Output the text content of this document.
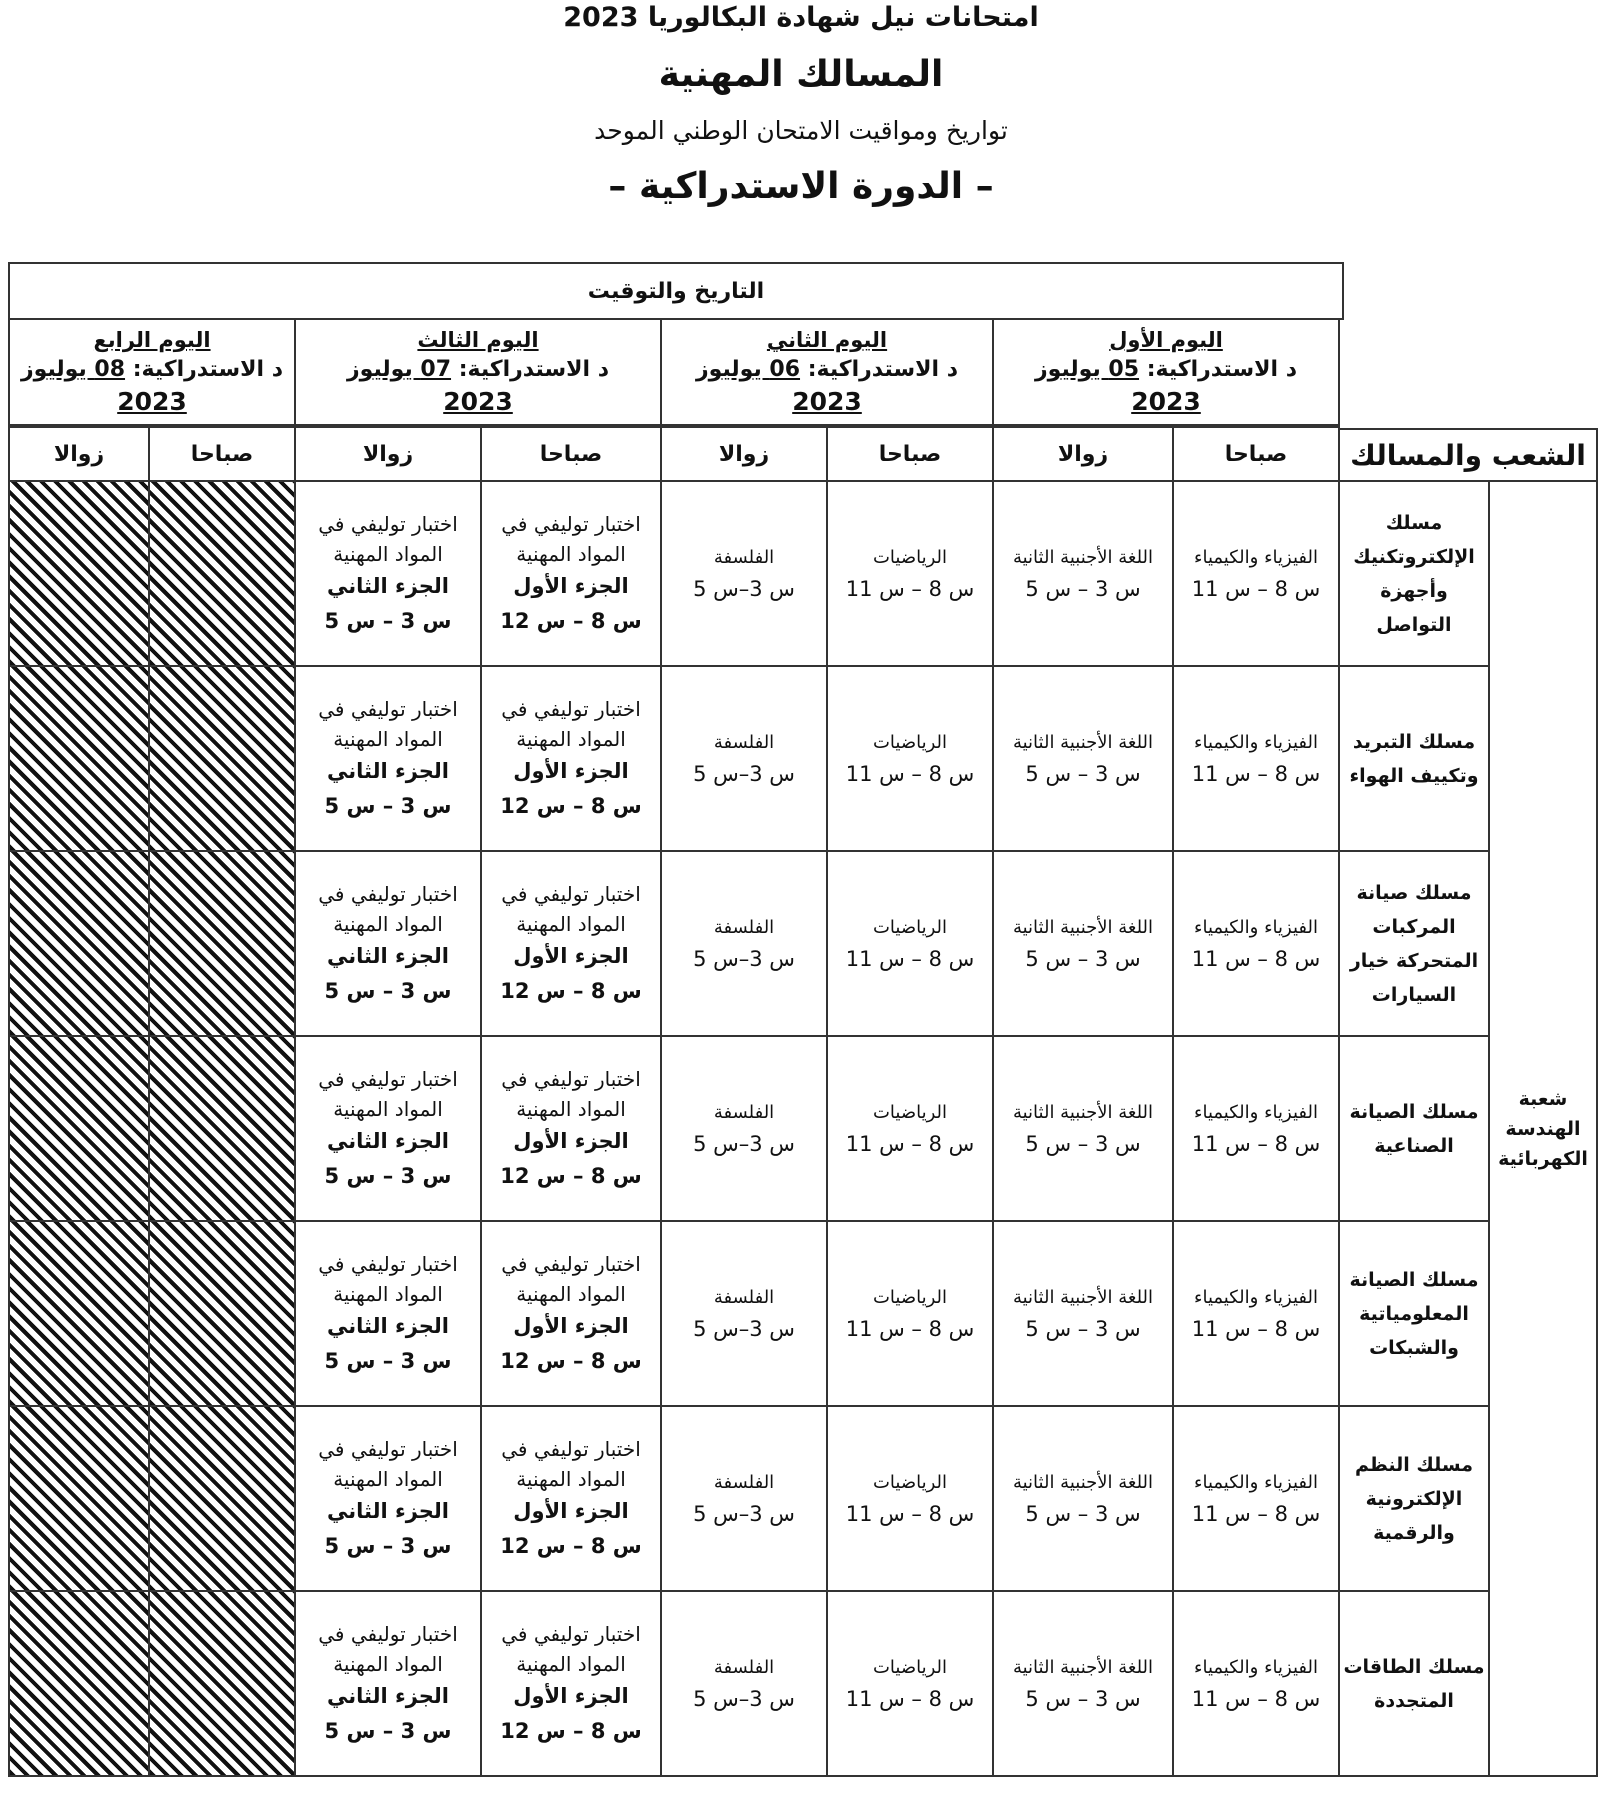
امتحانات نيل شهادة البكالوريا 2023
المسالك المهنية
تواريخ ومواقيت الامتحان الوطني الموحد
– الدورة الاستدراكية –
التاريخ والتوقيت
اليوم الأول
د الاستدراكية: 05 يوليوز
2023
اليوم الثاني
د الاستدراكية: 06 يوليوز
2023
اليوم الثالث
د الاستدراكية: 07 يوليوز
2023
اليوم الرابع
د الاستدراكية: 08 يوليوز
2023
الشعب والمسالك
صباحا
زوالا
صباحا
زوالا
صباحا
زوالا
صباحا
زوالا
شعبة الهندسة الكهربائية
مسلك الإلكتروتكنيك وأجهزة التواصل
الفيزياء والكيمياء
س 8 – س 11
اللغة الأجنبية الثانية
س 3 – س 5
الرياضيات
س 8 – س 11
الفلسفة
س 3–س 5
اختبار توليفي في
المواد المهنية
الجزء الأول
س 8 – س 12
اختبار توليفي في
المواد المهنية
الجزء الثاني
س 3 – س 5
مسلك التبريد وتكييف الهواء
الفيزياء والكيمياء
س 8 – س 11
اللغة الأجنبية الثانية
س 3 – س 5
الرياضيات
س 8 – س 11
الفلسفة
س 3–س 5
اختبار توليفي في
المواد المهنية
الجزء الأول
س 8 – س 12
اختبار توليفي في
المواد المهنية
الجزء الثاني
س 3 – س 5
مسلك صيانة المركبات المتحركة خيار السيارات
الفيزياء والكيمياء
س 8 – س 11
اللغة الأجنبية الثانية
س 3 – س 5
الرياضيات
س 8 – س 11
الفلسفة
س 3–س 5
اختبار توليفي في
المواد المهنية
الجزء الأول
س 8 – س 12
اختبار توليفي في
المواد المهنية
الجزء الثاني
س 3 – س 5
مسلك الصيانة الصناعية
الفيزياء والكيمياء
س 8 – س 11
اللغة الأجنبية الثانية
س 3 – س 5
الرياضيات
س 8 – س 11
الفلسفة
س 3–س 5
اختبار توليفي في
المواد المهنية
الجزء الأول
س 8 – س 12
اختبار توليفي في
المواد المهنية
الجزء الثاني
س 3 – س 5
مسلك الصيانة المعلومياتية والشبكات
الفيزياء والكيمياء
س 8 – س 11
اللغة الأجنبية الثانية
س 3 – س 5
الرياضيات
س 8 – س 11
الفلسفة
س 3–س 5
اختبار توليفي في
المواد المهنية
الجزء الأول
س 8 – س 12
اختبار توليفي في
المواد المهنية
الجزء الثاني
س 3 – س 5
مسلك النظم الإلكترونية والرقمية
الفيزياء والكيمياء
س 8 – س 11
اللغة الأجنبية الثانية
س 3 – س 5
الرياضيات
س 8 – س 11
الفلسفة
س 3–س 5
اختبار توليفي في
المواد المهنية
الجزء الأول
س 8 – س 12
اختبار توليفي في
المواد المهنية
الجزء الثاني
س 3 – س 5
مسلك الطاقات المتجددة
الفيزياء والكيمياء
س 8 – س 11
اللغة الأجنبية الثانية
س 3 – س 5
الرياضيات
س 8 – س 11
الفلسفة
س 3–س 5
اختبار توليفي في
المواد المهنية
الجزء الأول
س 8 – س 12
اختبار توليفي في
المواد المهنية
الجزء الثاني
س 3 – س 5
